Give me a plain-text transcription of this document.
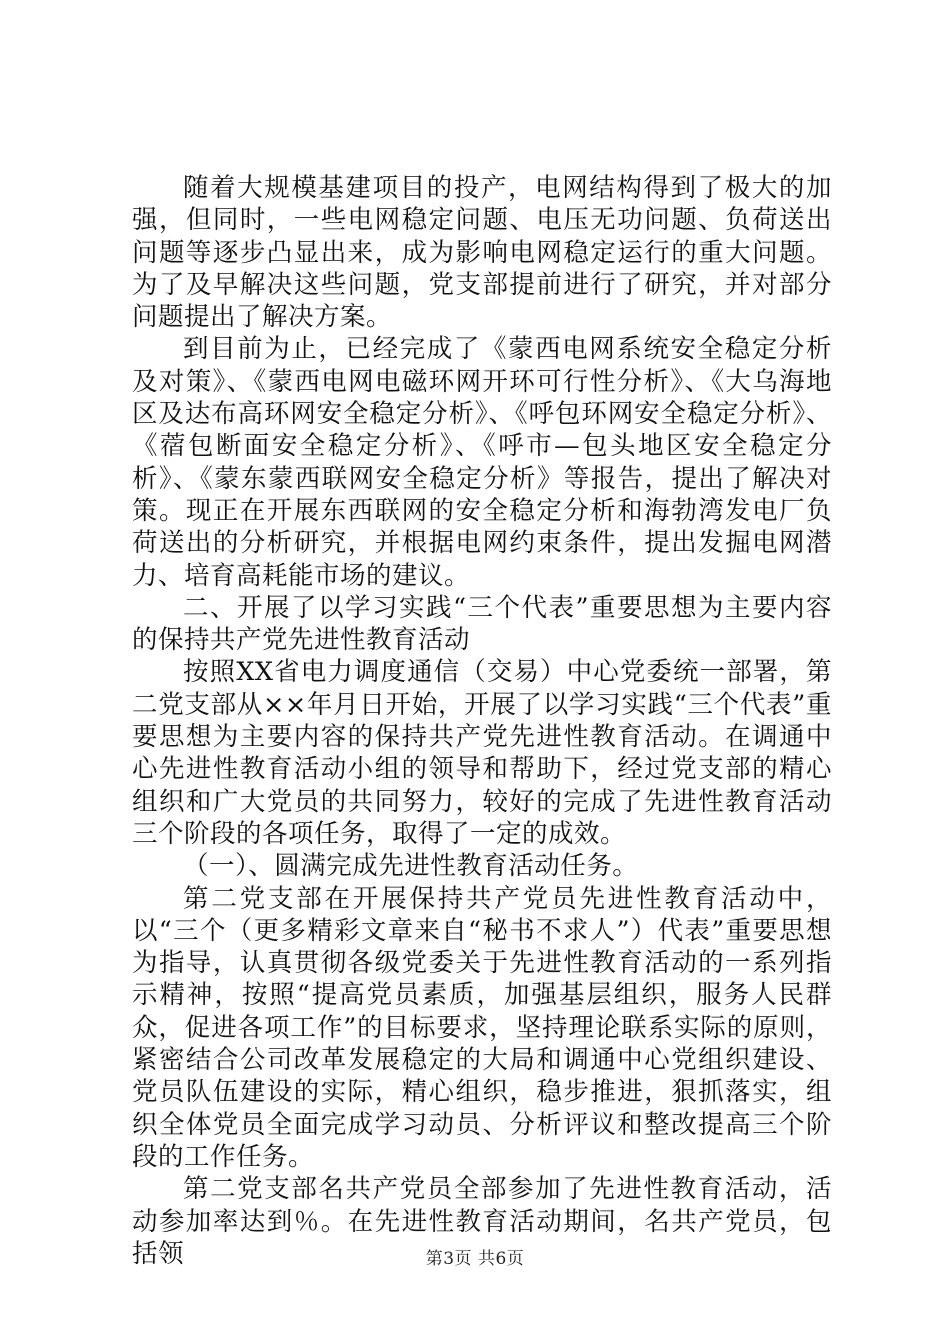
随着大规模基建项目的投产，电网结构得到了极大的加强，但同时，一些电网稳定问题、电压无功问题、负荷送出问题等逐步凸显出来，成为影响电网稳定运行的重大问题。为了及早解决这些问题，党支部提前进行了研究，并对部分问题提出了解决方案。

到目前为止，已经完成了《蒙西电网系统安全稳定分析及对策》、《蒙西电网电磁环网开环可行性分析》、《大乌海地区及达布高环网安全稳定分析》、《呼包环网安全稳定分析》、《蓿包断面安全稳定分析》、《呼市—包头地区安全稳定分析》、《蒙东蒙西联网安全稳定分析》等报告，提出了解决对策。现正在开展东西联网的安全稳定分析和海勃湾发电厂负荷送出的分析研究，并根据电网约束条件，提出发掘电网潜力、培育高耗能市场的建议。

二、开展了以学习实践“三个代表”重要思想为主要内容的保持共产党先进性教育活动

按照XX省电力调度通信（交易）中心党委统一部署，第二党支部从××年月日开始，开展了以学习实践“三个代表”重要思想为主要内容的保持共产党先进性教育活动。在调通中心先进性教育活动小组的领导和帮助下，经过党支部的精心组织和广大党员的共同努力，较好的完成了先进性教育活动三个阶段的各项任务，取得了一定的成效。

（一）、圆满完成先进性教育活动任务。

第二党支部在开展保持共产党员先进性教育活动中，以“三个（更多精彩文章来自“秘书不求人”）代表”重要思想为指导，认真贯彻各级党委关于先进性教育活动的一系列指示精神，按照“提高党员素质，加强基层组织，服务人民群众，促进各项工作”的目标要求，坚持理论联系实际的原则，紧密结合公司改革发展稳定的大局和调通中心党组织建设、党员队伍建设的实际，精心组织，稳步推进，狠抓落实，组织全体党员全面完成学习动员、分析评议和整改提高三个阶段的工作任务。

第二党支部名共产党员全部参加了先进性教育活动，活动参加率达到％。在先进性教育活动期间，名共产党员，包括领	第3页 共6页
